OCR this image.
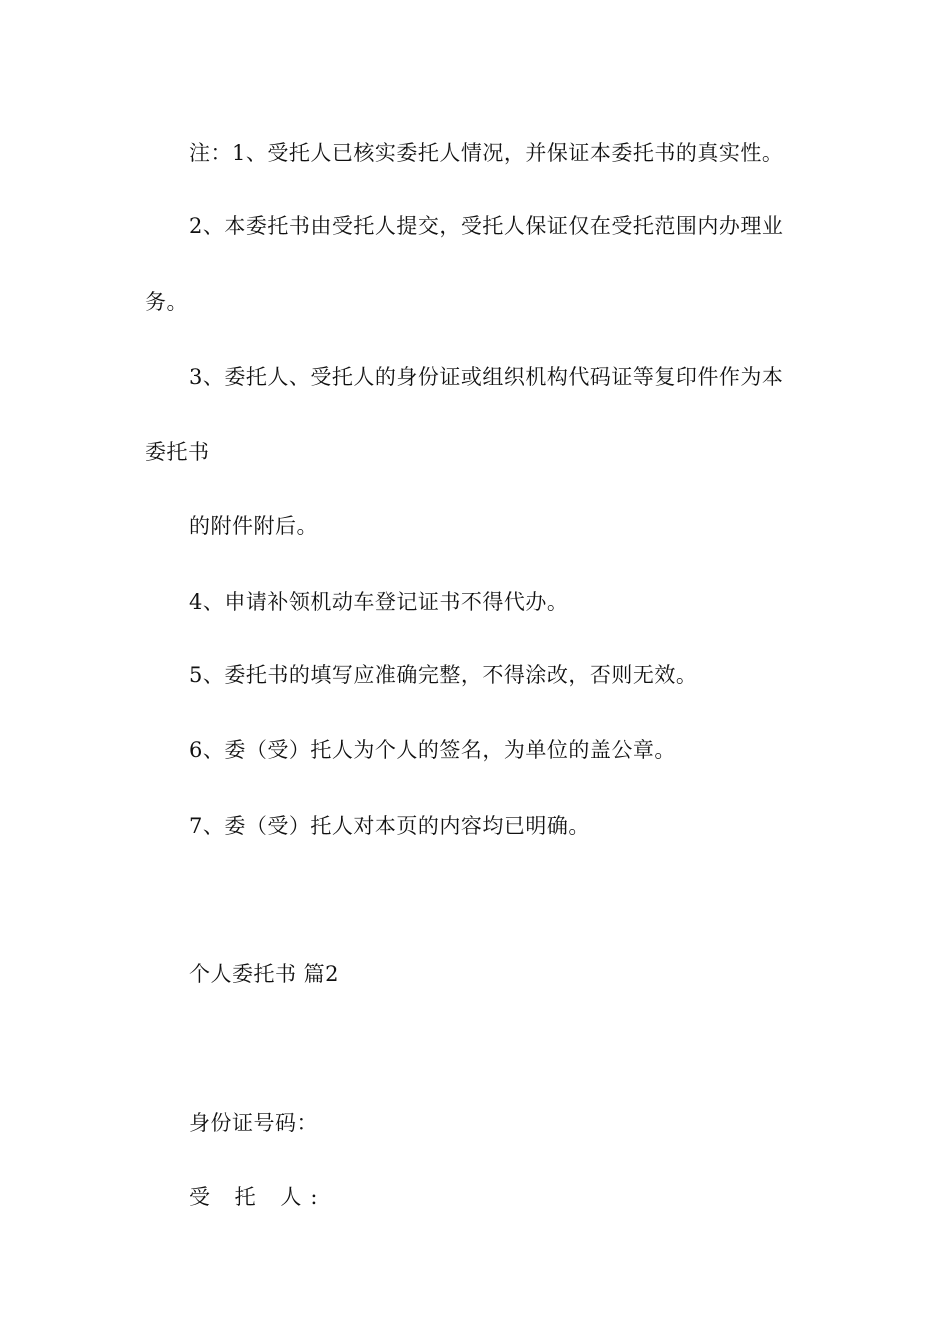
注：1、受托人已核实委托人情况，并保证本委托书的真实性。
2、本委托书由受托人提交，受托人保证仅在受托范围内办理业
务。
3、委托人、受托人的身份证或组织机构代码证等复印件作为本
委托书
的附件附后。
4、申请补领机动车登记证书不得代办。
5、委托书的填写应准确完整，不得涂改，否则无效。
6、委（受）托人为个人的签名，为单位的盖公章。
7、委（受）托人对本页的内容均已明确。
个人委托书 篇2
身份证号码：
受 托 人:
